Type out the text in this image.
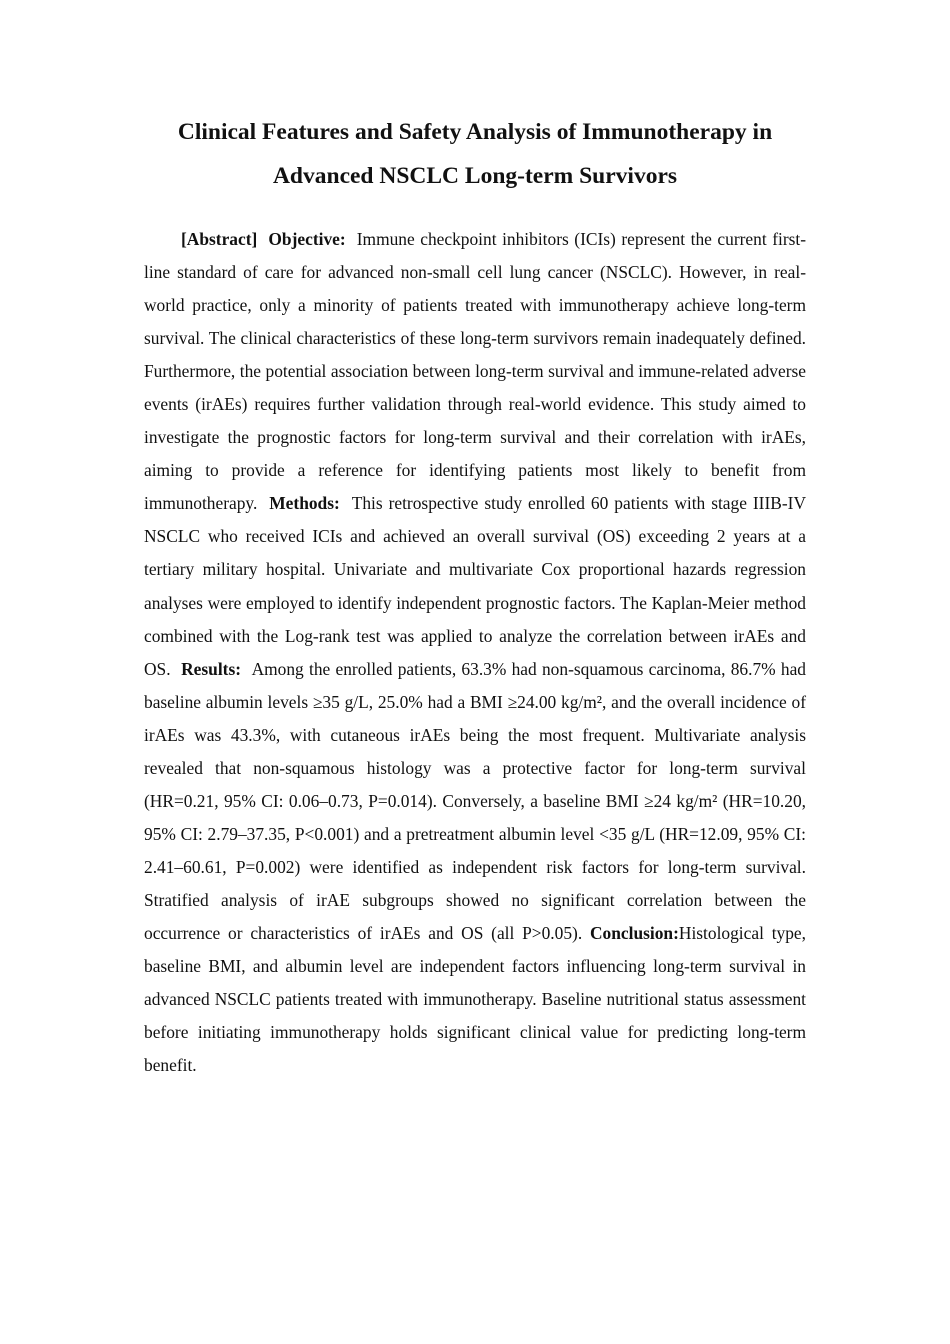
Clinical Features and Safety Analysis of Immunotherapy in
Advanced NSCLC Long-term Survivors

[Abstract] Objective: Immune checkpoint inhibitors (ICIs) represent the current first-line standard of care for advanced non-small cell lung cancer (NSCLC). However, in real-world practice, only a minority of patients treated with immunotherapy achieve long-term survival. The clinical characteristics of these long-term survivors remain inadequately defined. Furthermore, the potential association between long-term survival and immune-related adverse events (irAEs) requires further validation through real-world evidence. This study aimed to investigate the prognostic factors for long-term survival and their correlation with irAEs, aiming to provide a reference for identifying patients most likely to benefit from immunotherapy. Methods: This retrospective study enrolled 60 patients with stage IIIB-IV NSCLC who received ICIs and achieved an overall survival (OS) exceeding 2 years at a tertiary military hospital. Univariate and multivariate Cox proportional hazards regression analyses were employed to identify independent prognostic factors. The Kaplan-Meier method combined with the Log-rank test was applied to analyze the correlation between irAEs and OS. Results: Among the enrolled patients, 63.3% had non-squamous carcinoma, 86.7% had baseline albumin levels ≥35 g/L, 25.0% had a BMI ≥24.00 kg/m², and the overall incidence of irAEs was 43.3%, with cutaneous irAEs being the most frequent. Multivariate analysis revealed that non-squamous histology was a protective factor for long-term survival (HR=0.21, 95% CI: 0.06–0.73, P=0.014). Conversely, a baseline BMI ≥24 kg/m² (HR=10.20, 95% CI: 2.79–37.35, P<0.001) and a pretreatment albumin level <35 g/L (HR=12.09, 95% CI: 2.41–60.61, P=0.002) were identified as independent risk factors for long-term survival. Stratified analysis of irAE subgroups showed no significant correlation between the occurrence or characteristics of irAEs and OS (all P>0.05). Conclusion:Histological type, baseline BMI, and albumin level are independent factors influencing long-term survival in advanced NSCLC patients treated with immunotherapy. Baseline nutritional status assessment before initiating immunotherapy holds significant clinical value for predicting long-term benefit.
